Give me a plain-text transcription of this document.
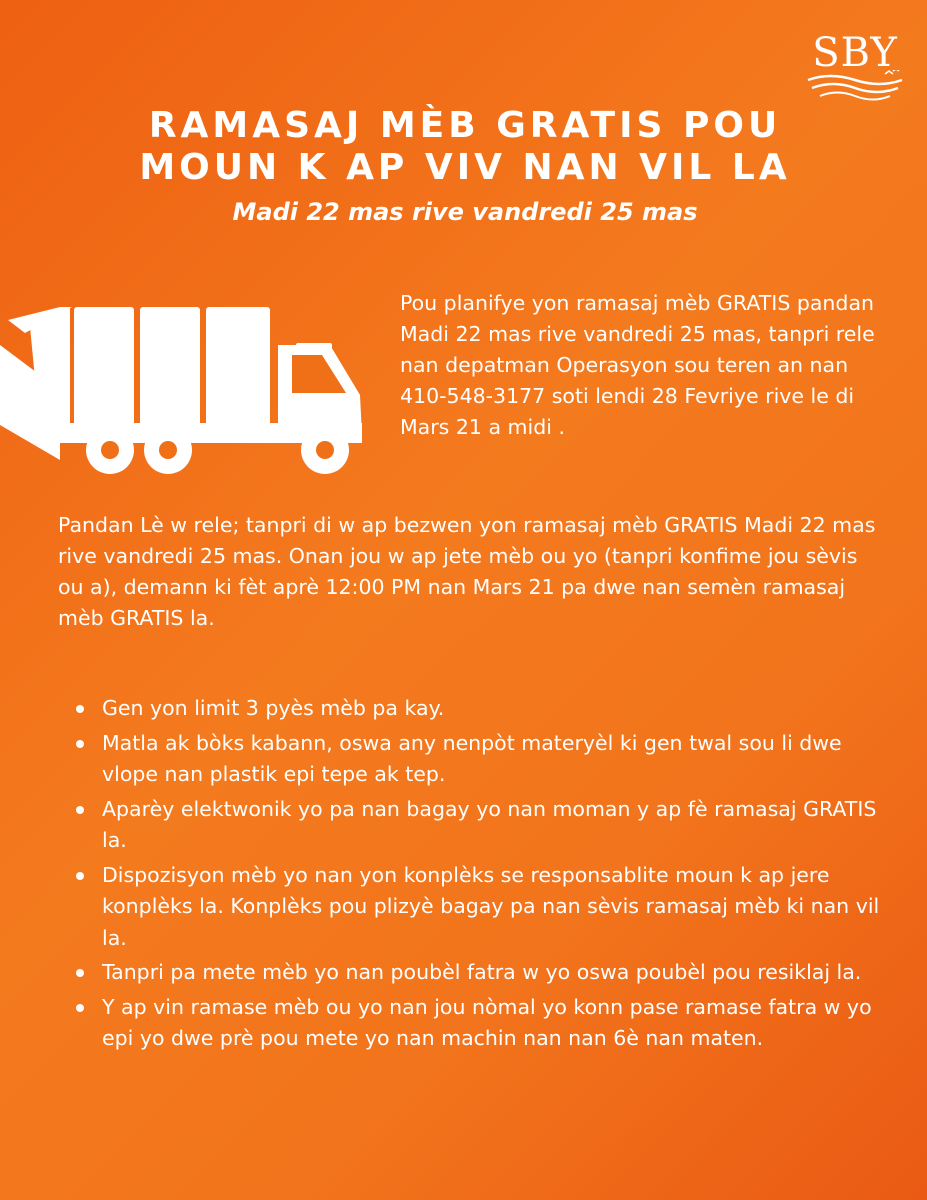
SBY
RAMASAJ MÈB GRATIS POU
MOUN K AP VIV NAN VIL LA
Madi 22 mas rive vandredi 25 mas

Pou planifye yon ramasaj mèb GRATIS pandan Madi 22 mas rive vandredi 25 mas, tanpri rele nan depatman Operasyon sou teren an nan 410-548-3177 soti lendi 28 Fevriye rive le di Mars 21 a midi .

Pandan Lè w rele; tanpri di w ap bezwen yon ramasaj mèb GRATIS Madi 22 mas rive vandredi 25 mas. Onan jou w ap jete mèb ou yo (tanpri konfime jou sèvis ou a), demann ki fèt aprè 12:00 PM nan Mars 21 pa dwe nan semèn ramasaj mèb GRATIS la.

Gen yon limit 3 pyès mèb pa kay.
Matla ak bòks kabann, oswa any nenpòt materyèl ki gen twal sou li dwe vlope nan plastik epi tepe ak tep.
Aparèy elektwonik yo pa nan bagay yo nan moman y ap fè ramasaj GRATIS la.
Dispozisyon mèb yo nan yon konplèks se responsablite moun k ap jere konplèks la. Konplèks pou plizyè bagay pa nan sèvis ramasaj mèb ki nan vil la.
Tanpri pa mete mèb yo nan poubèl fatra w yo oswa poubèl pou resiklaj la.
Y ap vin ramase mèb ou yo nan jou nòmal yo konn pase ramase fatra w yo epi yo dwe prè pou mete yo nan machin nan nan 6è nan maten.
